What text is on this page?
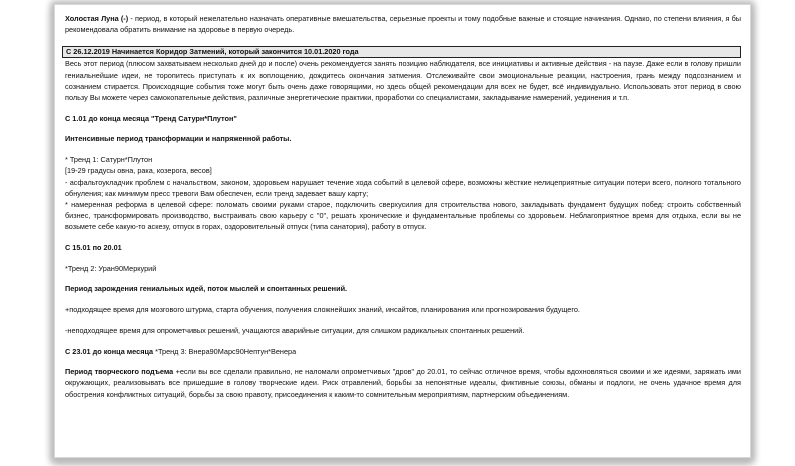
Холостая Луна (-) - период, в который нежелательно назначать оперативные вмешательства, серьезные проекты и тому подобные важные и стоящие начинания. Однако, по степени влияния, я бы рекомендовала обратить внимание на здоровье в первую очередь.

С 26.12.2019 Начинается Коридор Затмений, который закончится 10.01.2020 года

Весь этот период (плюсом захватываем несколько дней до и после) очень рекомендуется занять позицию наблюдателя, все инициативы и активные действия - на паузе. Даже если в голову пришли гениальнейшие идеи, не торопитесь приступать к их воплощению, дождитесь окончания затмения. Отслеживайте свои эмоциональные реакции, настроения, грань между подсознанием и сознанием стирается. Происходящие события тоже могут быть очень даже говорящими, но здесь общей рекомендации для всех не будет, всё индивидуально. Использовать этот период в свою пользу Вы можете через самокопательные действия, различные энергетические практики, проработки со специалистами, закладывание намерений, уединения и т.п.

С 1.01 до конца месяца "Тренд Сатурн*Плутон"

Интенсивные период трансформации и напряженной работы.

* Тренд 1: Сатурн*Плутон

[19-29 градусы овна, рака, козерога, весов]

- асфальтоукладчик проблем с начальством, законом, здоровьем нарушает течение хода событий в целевой сфере, возможны жёсткие нелицеприятные ситуации потери всего, полного тотального обнуления; как минимум пресс тревоги Вам обеспечен, если тренд задевает вашу карту;

* намеренная реформа в целевой сфере: поломать своими руками старое, подключить сверхусилия для строительства нового, закладывать фундамент будущих побед: строить собственный бизнес, трансформировать производство, выстраивать свою карьеру с "0", решать хронические и фундаментальные проблемы со здоровьем. Неблагоприятное время для отдыха, если вы не возьмете себе какую-то аскезу, отпуск в горах, оздоровительный отпуск (типа санатория), работу в отпуск.

С 15.01 по 20.01

*Тренд 2: Уран90Меркурий

Период зарождения гениальных идей, поток мыслей и спонтанных решений.

+подходящее время для мозгового штурма, старта обучения, получения сложнейших знаний, инсайтов, планирования или прогнозирования будущего.

-неподходящее время для опрометчивых решений, учащаются аварийные ситуации, для слишком радикальных спонтанных решений.

С 23.01 до конца месяца *Тренд 3: Внера90Марс90Нептун*Венера

Период творческого подъема +если вы все сделали правильно, не наломали опрометчивых "дров" до 20.01, то сейчас отличное время, чтобы вдохновляться своими и же идеями, заряжать ими окружающих, реализовывать все пришедшие в голову творческие идеи. Риск отравлений, борьбы за непонятные идеалы, фиктивные союзы, обманы и подлоги, не очень удачное время для обострения конфликтных ситуаций, борьбы за свою правоту, присоединения к каким-то сомнительным мероприятиям, партнерским объединениям.
